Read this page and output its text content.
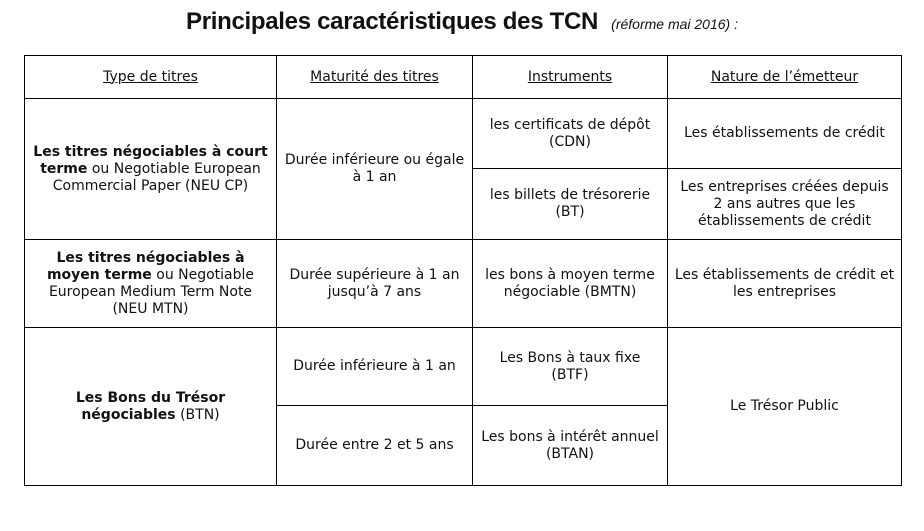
Principales caractéristiques des TCN (réforme mai 2016) :
Type de titres	Maturité des titres	Instruments	Nature de l’émetteur
Les titres négociables à court terme ou Negotiable European Commercial Paper (NEU CP)	Durée inférieure ou égale à 1 an	les certificats de dépôt (CDN)	Les établissements de crédit
		les billets de trésorerie (BT)	Les entreprises créées depuis 2 ans autres que les établissements de crédit
Les titres négociables à moyen terme ou Negotiable European Medium Term Note (NEU MTN)	Durée supérieure à 1 an jusqu’à 7 ans	les bons à moyen terme négociable (BMTN)	Les établissements de crédit et les entreprises
Les Bons du Trésor négociables (BTN)	Durée inférieure à 1 an	Les Bons à taux fixe (BTF)	Le Trésor Public
	Durée entre 2 et 5 ans	Les bons à intérêt annuel (BTAN)	
